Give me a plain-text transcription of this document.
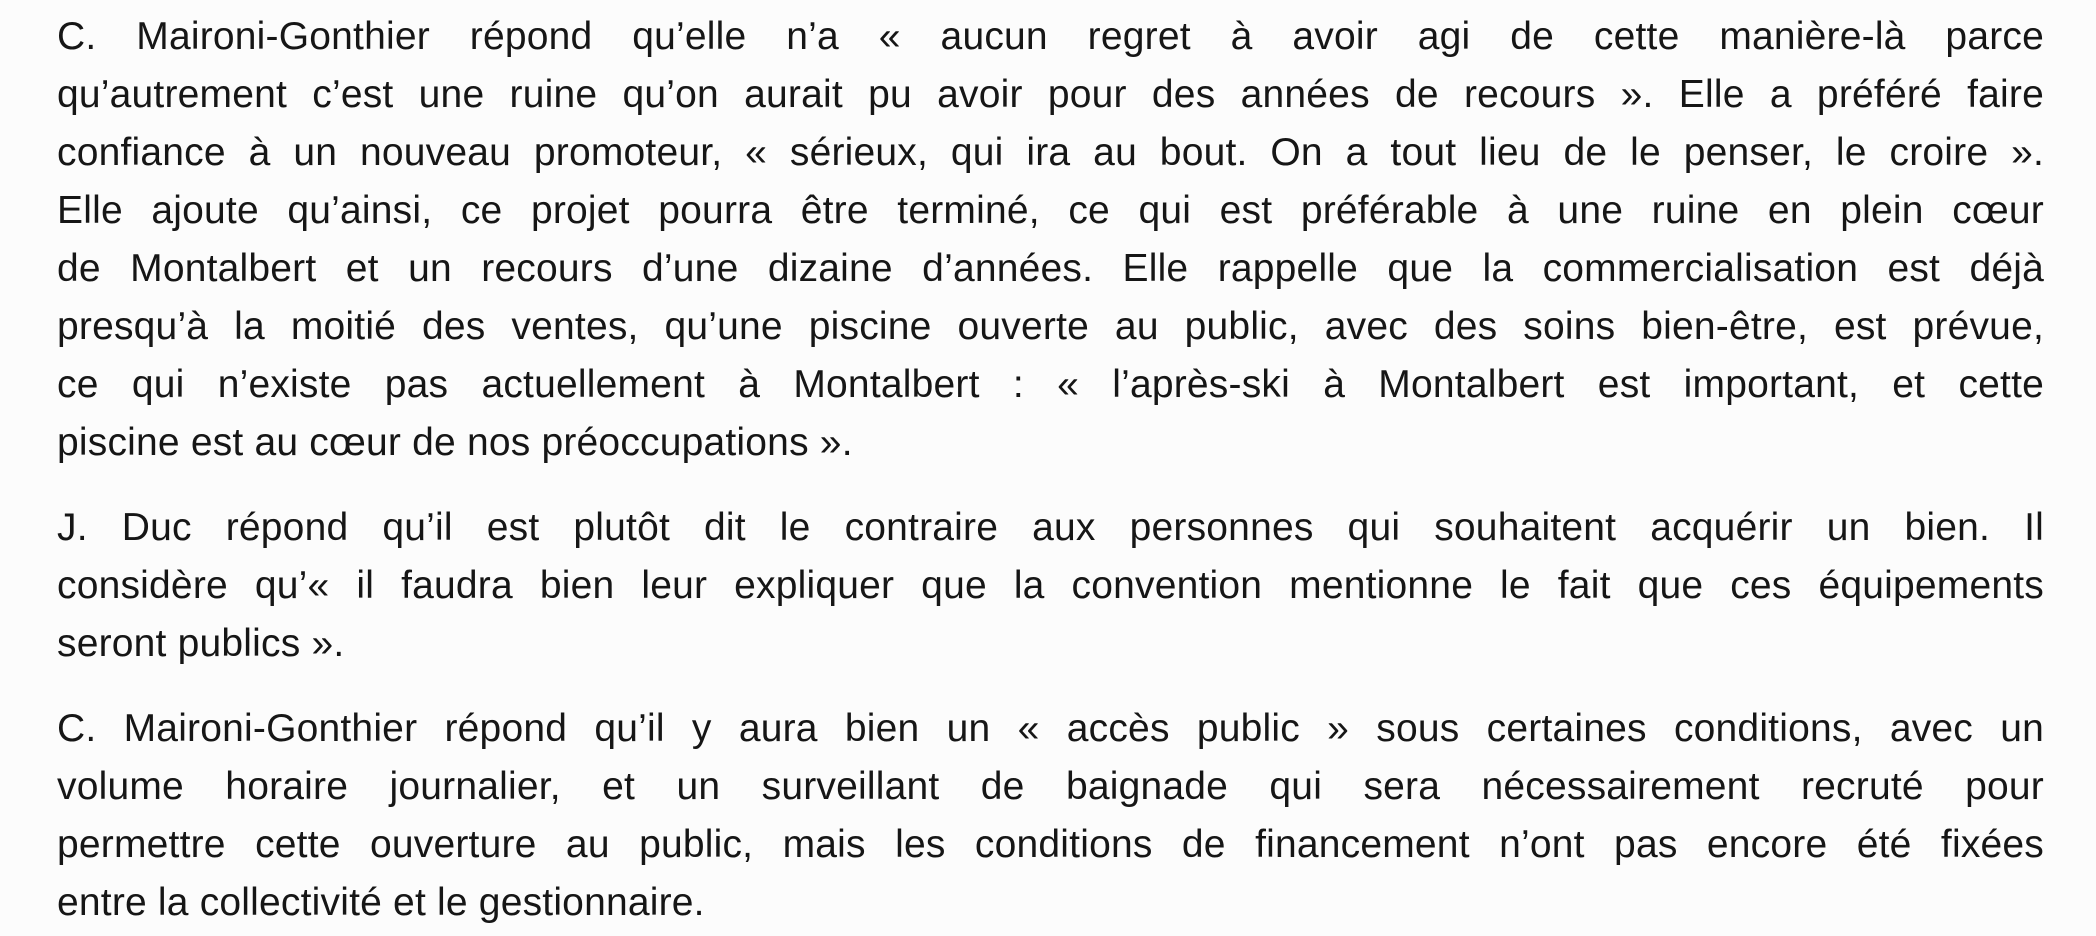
C. Maironi-Gonthier répond qu’elle n’a « aucun regret à avoir agi de cette manière-là parce
qu’autrement c’est une ruine qu’on aurait pu avoir pour des années de recours ». Elle a préféré faire
confiance à un nouveau promoteur, « sérieux, qui ira au bout. On a tout lieu de le penser, le croire ».
Elle ajoute qu’ainsi, ce projet pourra être terminé, ce qui est préférable à une ruine en plein cœur
de Montalbert et un recours d’une dizaine d’années. Elle rappelle que la commercialisation est déjà
presqu’à la moitié des ventes, qu’une piscine ouverte au public, avec des soins bien-être, est prévue,
ce qui n’existe pas actuellement à Montalbert : « l’après-ski à Montalbert est important, et cette
piscine est au cœur de nos préoccupations ».
J. Duc répond qu’il est plutôt dit le contraire aux personnes qui souhaitent acquérir un bien. Il
considère qu’« il faudra bien leur expliquer que la convention mentionne le fait que ces équipements
seront publics ».
C. Maironi-Gonthier répond qu’il y aura bien un « accès public » sous certaines conditions, avec un
volume horaire journalier, et un surveillant de baignade qui sera nécessairement recruté pour
permettre cette ouverture au public, mais les conditions de financement n’ont pas encore été fixées
entre la collectivité et le gestionnaire.
